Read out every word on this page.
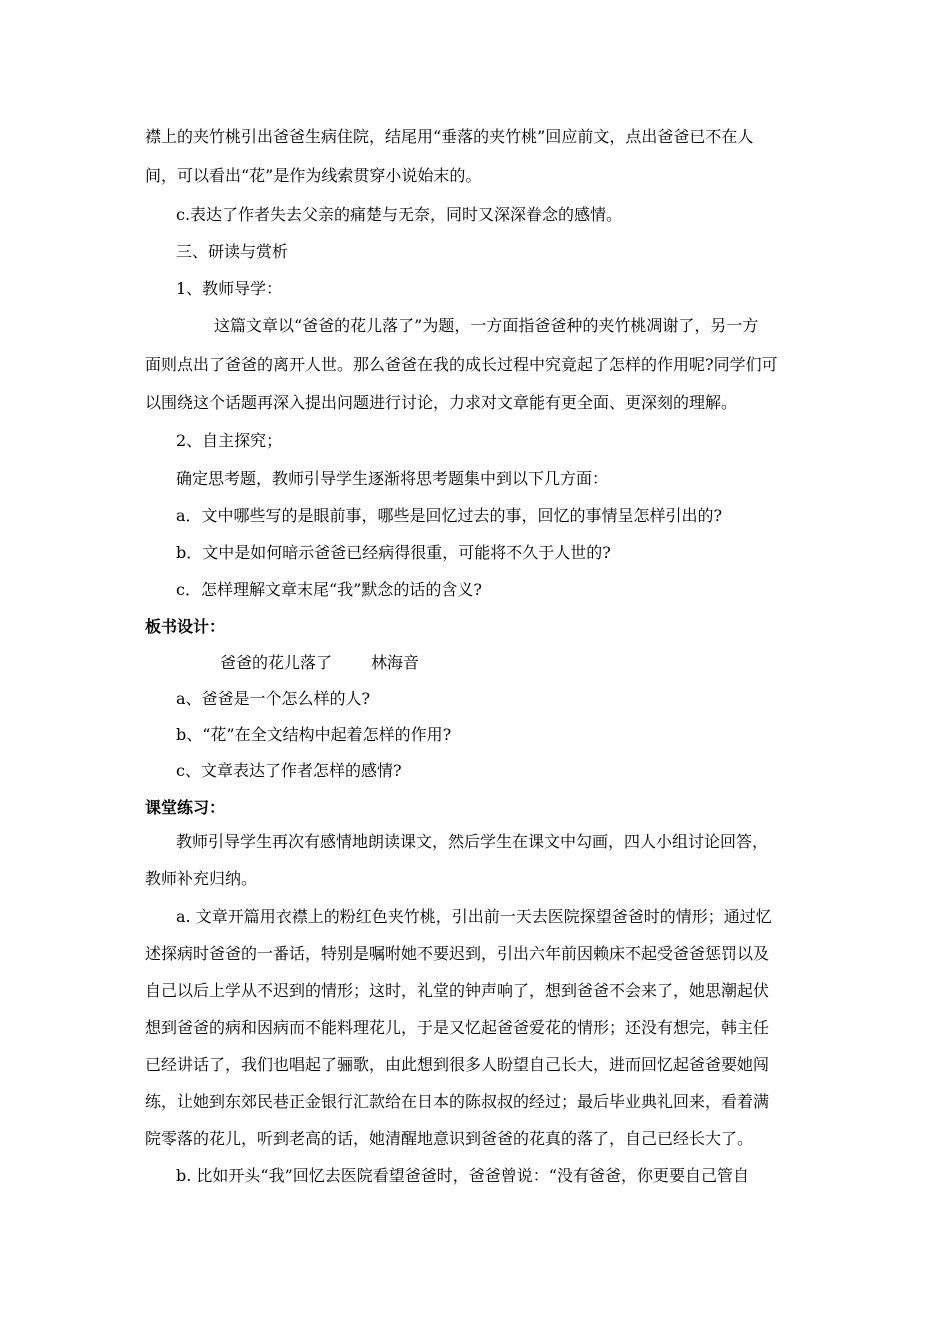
襟上的夹竹桃引出爸爸生病住院，结尾用“垂落的夹竹桃”回应前文，点出爸爸已不在人
间，可以看出“花”是作为线索贯穿小说始末的。
c.表达了作者失去父亲的痛楚与无奈，同时又深深眷念的感情。
三、研读与赏析
1、教师导学：
这篇文章以“爸爸的花儿落了”为题，一方面指爸爸种的夹竹桃凋谢了，另一方
面则点出了爸爸的离开人世。那么爸爸在我的成长过程中究竟起了怎样的作用呢?同学们可
以围绕这个话题再深入提出问题进行讨论，力求对文章能有更全面、更深刻的理解。
2、自主探究；
确定思考题，教师引导学生逐渐将思考题集中到以下几方面：
a．文中哪些写的是眼前事，哪些是回忆过去的事，回忆的事情呈怎样引出的?
b．文中是如何暗示爸爸已经病得很重，可能将不久于人世的?
c．怎样理解文章末尾“我”默念的话的含义?
板书设计：
爸爸的花儿落了 林海音
a、爸爸是一个怎么样的人?
b、“花”在全文结构中起着怎样的作用?
c、文章表达了作者怎样的感情?
课堂练习：
教师引导学生再次有感情地朗读课文，然后学生在课文中勾画，四人小组讨论回答，
教师补充归纳。
a. 文章开篇用衣襟上的粉红色夹竹桃，引出前一天去医院探望爸爸时的情形；通过忆
述探病时爸爸的一番话，特别是嘱咐她不要迟到，引出六年前因赖床不起受爸爸惩罚以及
自己以后上学从不迟到的情形；这时，礼堂的钟声响了，想到爸爸不会来了，她思潮起伏
想到爸爸的病和因病而不能料理花儿，于是又忆起爸爸爱花的情形；还没有想完，韩主任
已经讲话了，我们也唱起了骊歌，由此想到很多人盼望自己长大，进而回忆起爸爸要她闯
练，让她到东郊民巷正金银行汇款给在日本的陈叔叔的经过；最后毕业典礼回来，看着满
院零落的花儿，听到老高的话，她清醒地意识到爸爸的花真的落了，自己已经长大了。
b. 比如开头“我”回忆去医院看望爸爸时，爸爸曾说：“没有爸爸，你更要自己管自
